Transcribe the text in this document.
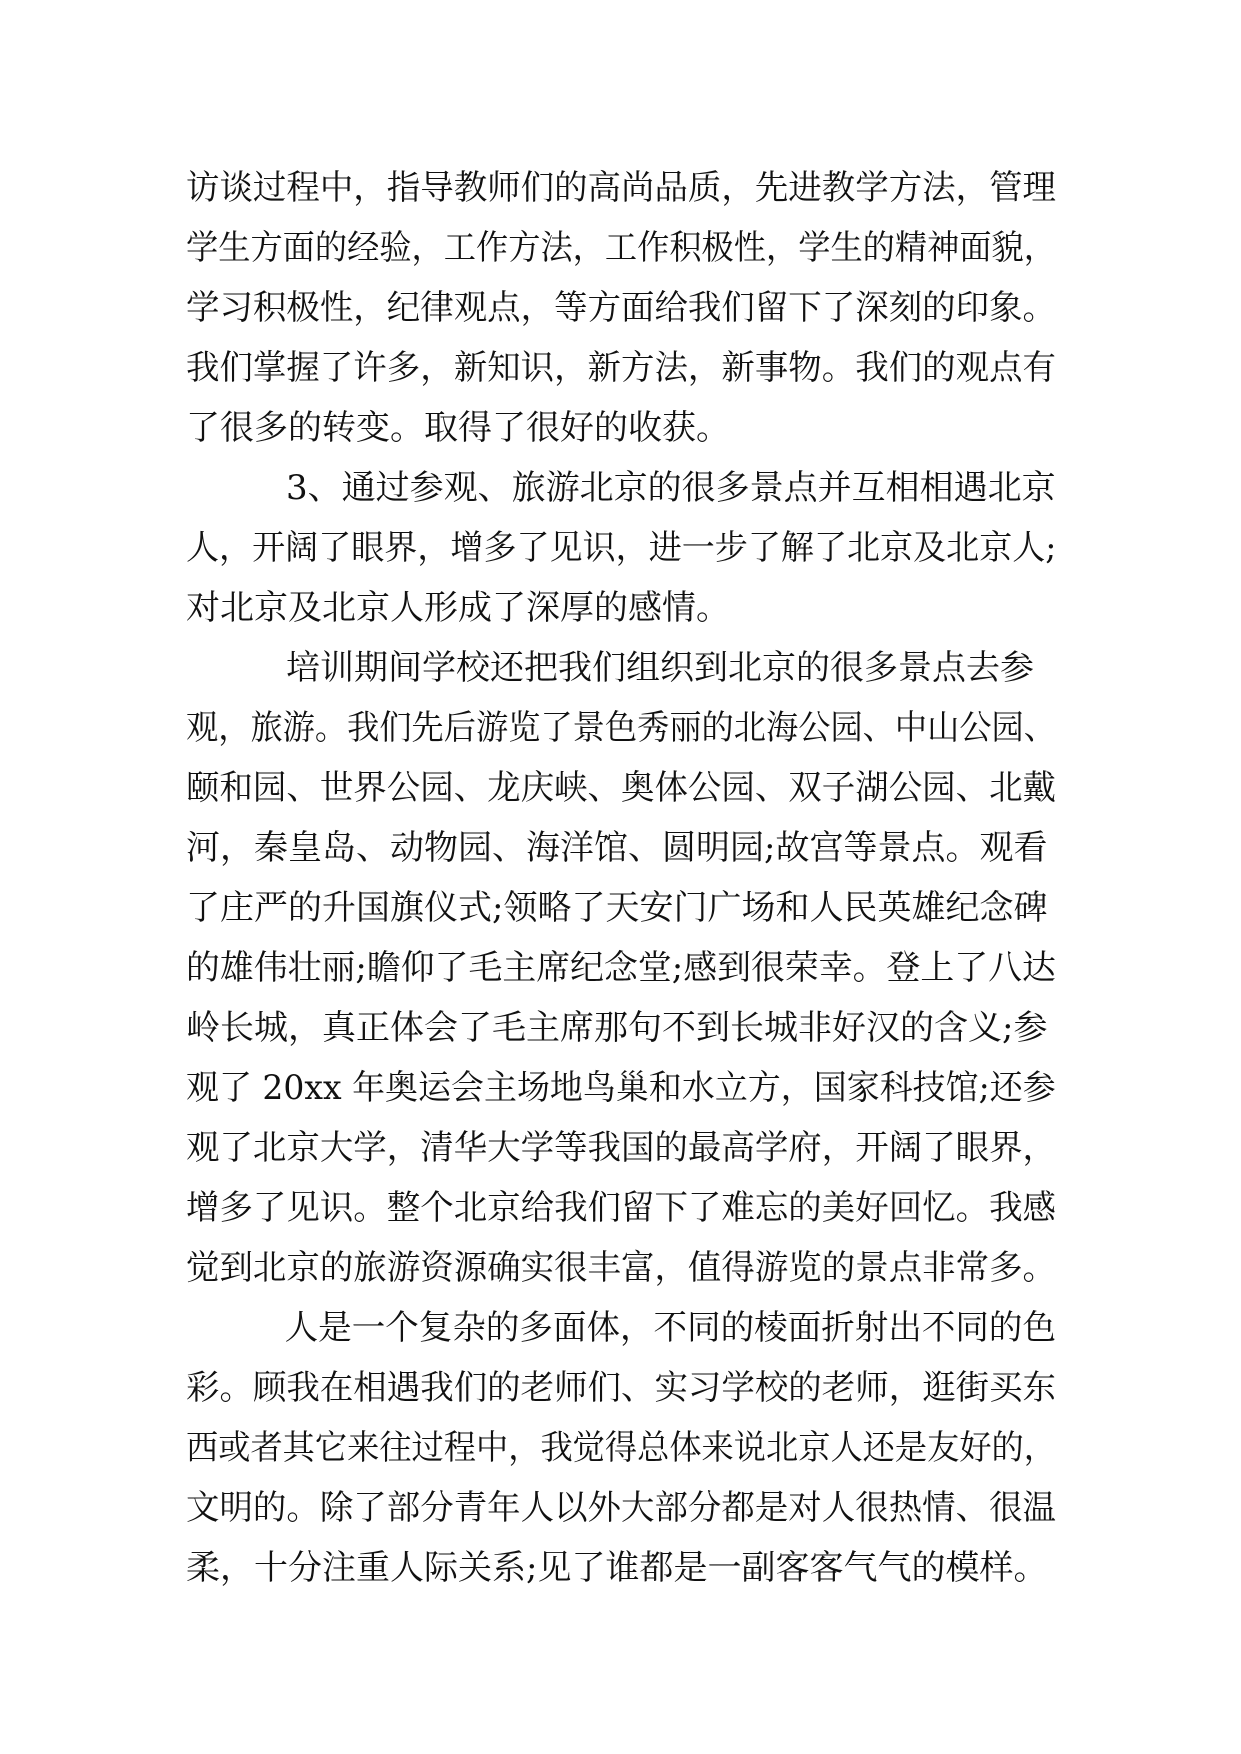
访谈过程中，指导教师们的高尚品质，先进教学方法，管理
学生方面的经验，工作方法，工作积极性，学生的精神面貌，
学习积极性，纪律观点，等方面给我们留下了深刻的印象。
我们掌握了许多，新知识，新方法，新事物。我们的观点有
了很多的转变。取得了很好的收获。
3、通过参观、旅游北京的很多景点并互相相遇北京
人，开阔了眼界，增多了见识，进一步了解了北京及北京人;
对北京及北京人形成了深厚的感情。
培训期间学校还把我们组织到北京的很多景点去参
观，旅游。我们先后游览了景色秀丽的北海公园、中山公园、
颐和园、世界公园、龙庆峡、奥体公园、双子湖公园、北戴
河，秦皇岛、动物园、海洋馆、圆明园;故宫等景点。观看
了庄严的升国旗仪式;领略了天安门广场和人民英雄纪念碑
的雄伟壮丽;瞻仰了毛主席纪念堂;感到很荣幸。登上了八达
岭长城，真正体会了毛主席那句不到长城非好汉的含义;参
观了 20xx 年奥运会主场地鸟巢和水立方，国家科技馆;还参
观了北京大学，清华大学等我国的最高学府，开阔了眼界，
增多了见识。整个北京给我们留下了难忘的美好回忆。我感
觉到北京的旅游资源确实很丰富，值得游览的景点非常多。
人是一个复杂的多面体，不同的棱面折射出不同的色
彩。顾我在相遇我们的老师们、实习学校的老师，逛街买东
西或者其它来往过程中，我觉得总体来说北京人还是友好的，
文明的。除了部分青年人以外大部分都是对人很热情、很温
柔，十分注重人际关系;见了谁都是一副客客气气的模样。
